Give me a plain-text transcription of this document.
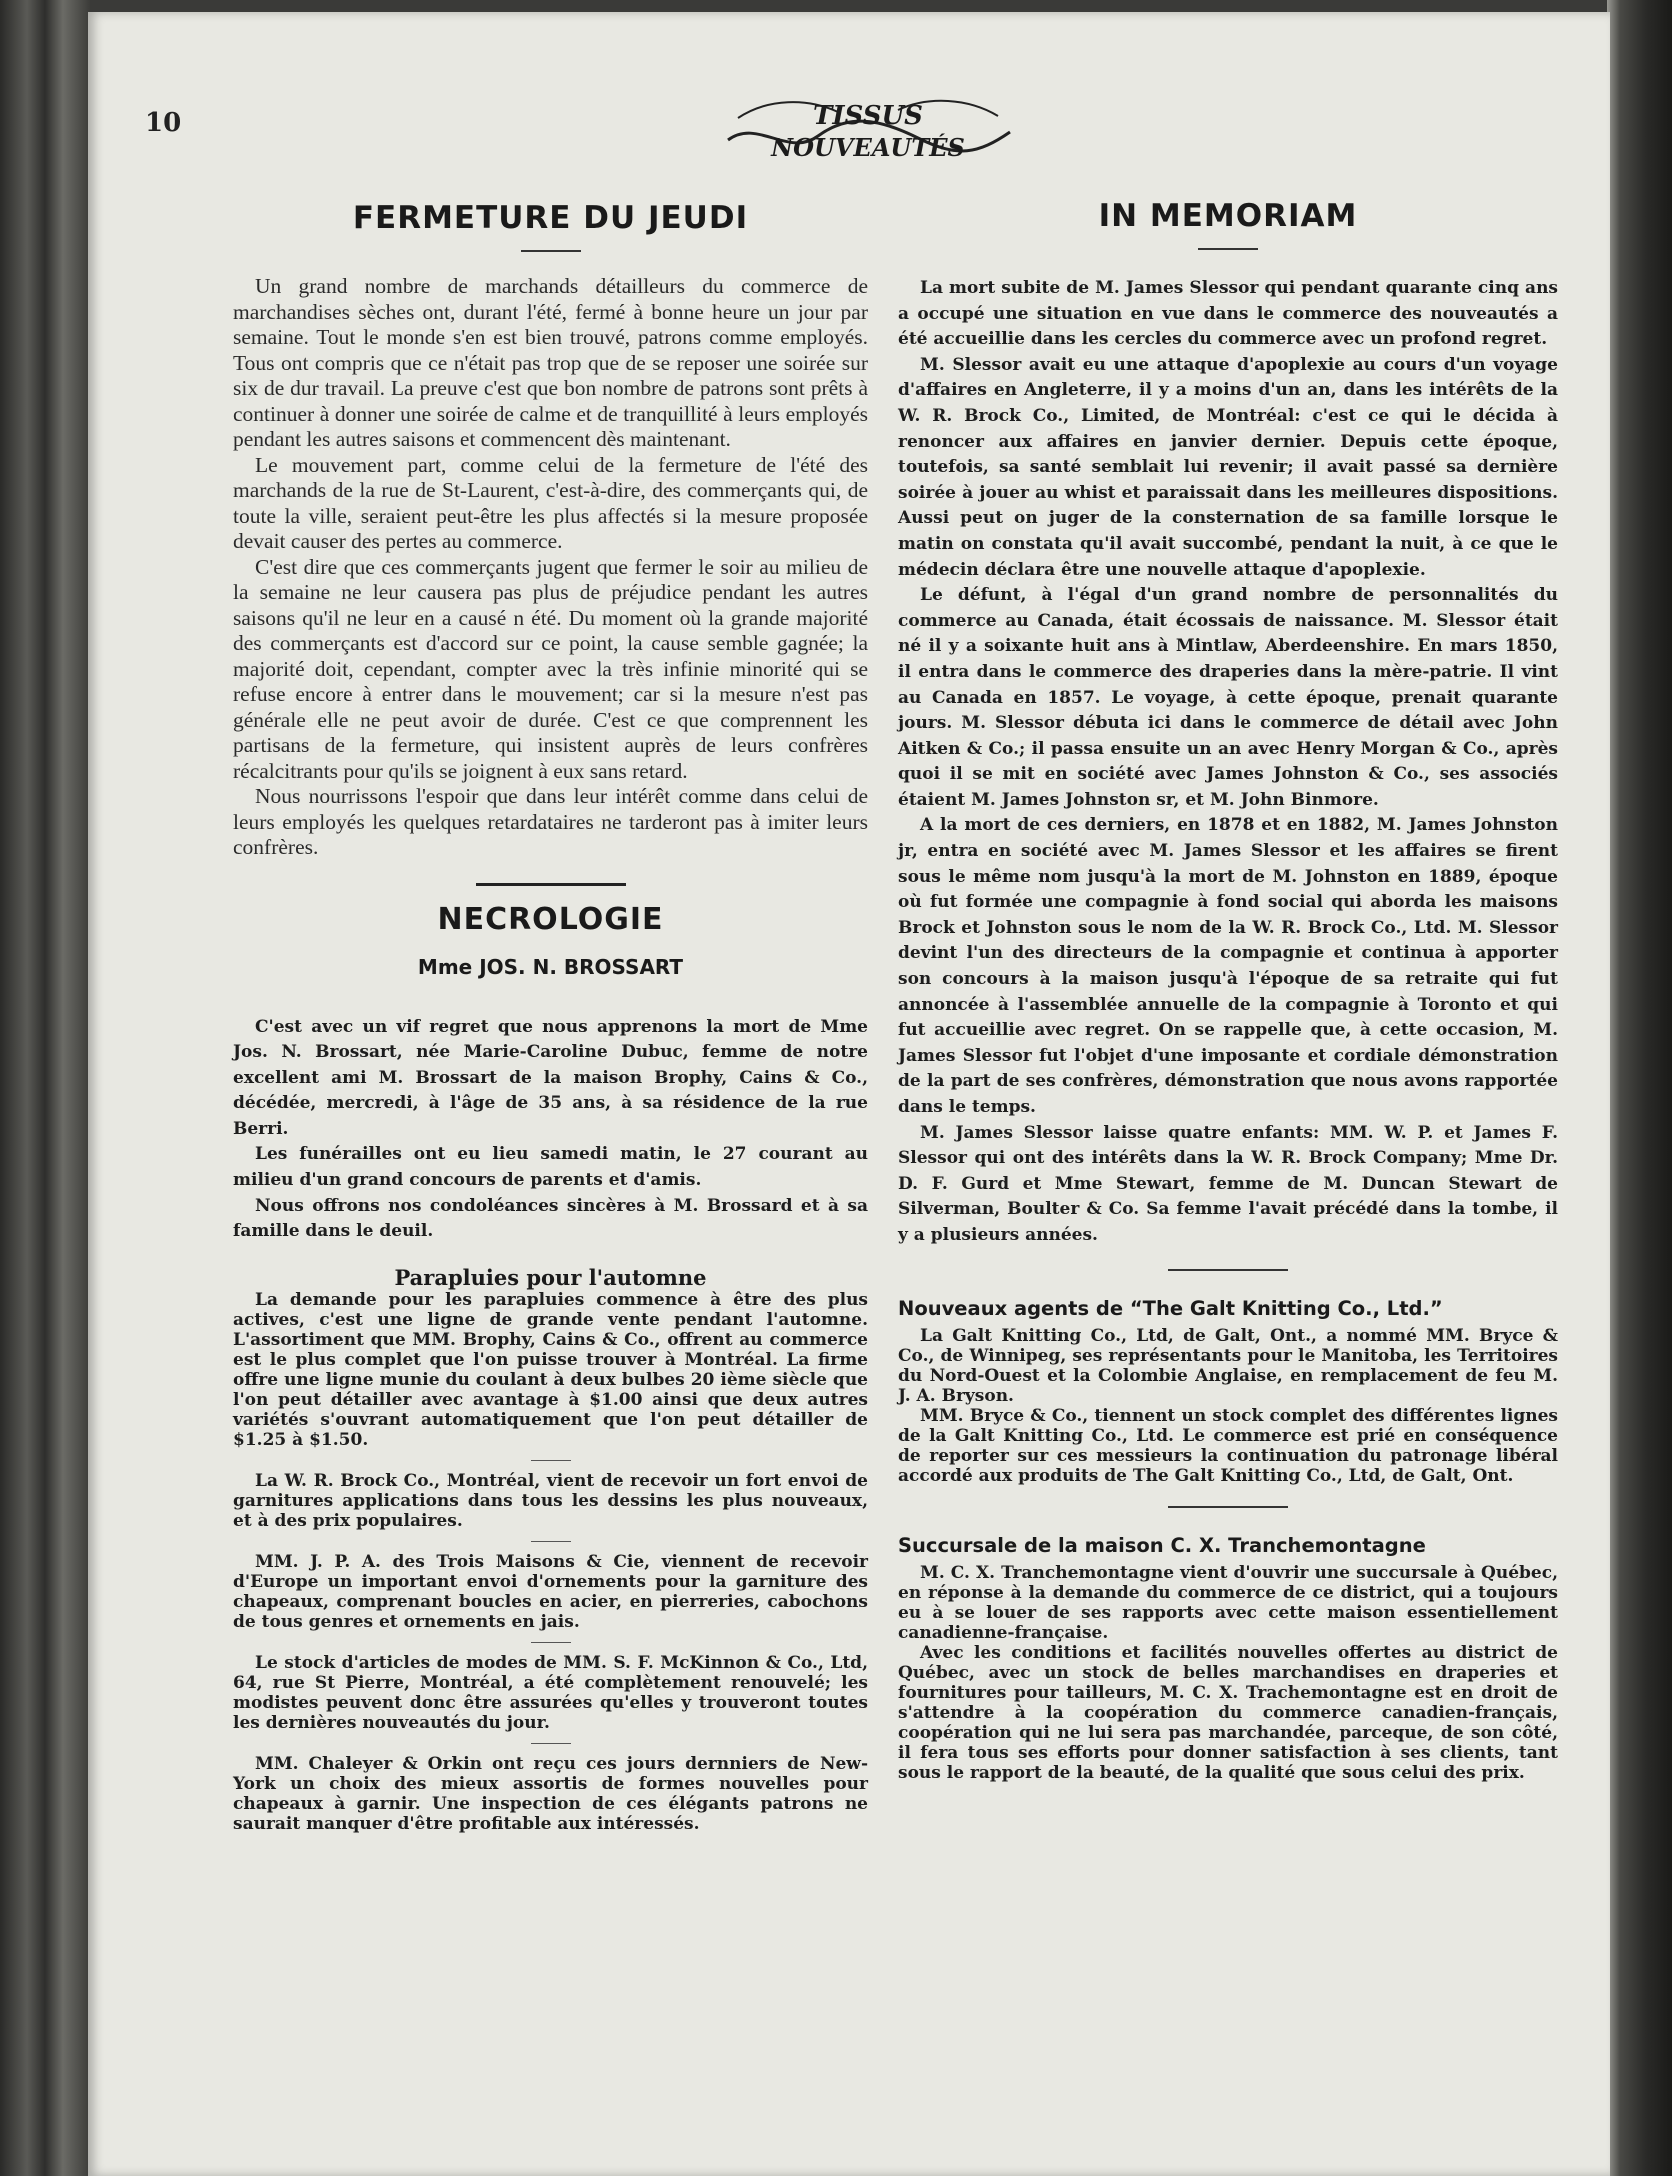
10	TISSUS
NOUVEAUTÉS
FERMETURE DU JEUDI

Un grand nombre de marchands détailleurs du commerce de marchandises sèches ont, durant l'été, fermé à bonne heure un jour par semaine. Tout le monde s'en est bien trouvé, patrons comme employés. Tous ont compris que ce n'était pas trop que de se reposer une soirée sur six de dur travail. La preuve c'est que bon nombre de patrons sont prêts à continuer à donner une soirée de calme et de tranquillité à leurs employés pendant les autres saisons et commencent dès maintenant.

Le mouvement part, comme celui de la fermeture de l'été des marchands de la rue de St-Laurent, c'est-à-dire, des commerçants qui, de toute la ville, seraient peut-être les plus affectés si la mesure proposée devait causer des pertes au commerce.

C'est dire que ces commerçants jugent que fermer le soir au milieu de la semaine ne leur causera pas plus de préjudice pendant les autres saisons qu'il ne leur en a causé n été. Du moment où la grande majorité des commerçants est d'accord sur ce point, la cause semble gagnée; la majorité doit, cependant, compter avec la très infinie minorité qui se refuse encore à entrer dans le mouvement; car si la mesure n'est pas générale elle ne peut avoir de durée. C'est ce que comprennent les partisans de la fermeture, qui insistent auprès de leurs confrères récalcitrants pour qu'ils se joignent à eux sans retard.

Nous nourrissons l'espoir que dans leur intérêt comme dans celui de leurs employés les quelques retardataires ne tarderont pas à imiter leurs confrères.

NECROLOGIE
Mme JOS. N. BROSSART

C'est avec un vif regret que nous apprenons la mort de Mme Jos. N. Brossart, née Marie-Caroline Dubuc, femme de notre excellent ami M. Brossart de la maison Brophy, Cains & Co., décédée, mercredi, à l'âge de 35 ans, à sa résidence de la rue Berri.

Les funérailles ont eu lieu samedi matin, le 27 courant au milieu d'un grand concours de parents et d'amis.

Nous offrons nos condoléances sincères à M. Brossard et à sa famille dans le deuil.

Parapluies pour l'automne

La demande pour les parapluies commence à être des plus actives, c'est une ligne de grande vente pendant l'automne. L'assortiment que MM. Brophy, Cains & Co., offrent au commerce est le plus complet que l'on puisse trouver à Montréal. La firme offre une ligne munie du coulant à deux bulbes 20 ième siècle que l'on peut détailler avec avantage à $1.00 ainsi que deux autres variétés s'ouvrant automatiquement que l'on peut détailler de $1.25 à $1.50.

La W. R. Brock Co., Montréal, vient de recevoir un fort envoi de garnitures applications dans tous les dessins les plus nouveaux, et à des prix populaires.

MM. J. P. A. des Trois Maisons & Cie, viennent de recevoir d'Europe un important envoi d'ornements pour la garniture des chapeaux, comprenant boucles en acier, en pierreries, cabochons de tous genres et ornements en jais.

Le stock d'articles de modes de MM. S. F. McKinnon & Co., Ltd, 64, rue St Pierre, Montréal, a été complètement renouvelé; les modistes peuvent donc être assurées qu'elles y trouveront toutes les dernières nouveautés du jour.

MM. Chaleyer & Orkin ont reçu ces jours dernniers de New-York un choix des mieux assortis de formes nouvelles pour chapeaux à garnir. Une inspection de ces élégants patrons ne saurait manquer d'être profitable aux intéressés.

IN MEMORIAM

La mort subite de M. James Slessor qui pendant quarante cinq ans a occupé une situation en vue dans le commerce des nouveautés a été accueillie dans les cercles du commerce avec un profond regret.

M. Slessor avait eu une attaque d'apoplexie au cours d'un voyage d'affaires en Angleterre, il y a moins d'un an, dans les intérêts de la W. R. Brock Co., Limited, de Montréal: c'est ce qui le décida à renoncer aux affaires en janvier dernier. Depuis cette époque, toutefois, sa santé semblait lui revenir; il avait passé sa dernière soirée à jouer au whist et paraissait dans les meilleures dispositions. Aussi peut on juger de la consternation de sa famille lorsque le matin on constata qu'il avait succombé, pendant la nuit, à ce que le médecin déclara être une nouvelle attaque d'apoplexie.

Le défunt, à l'égal d'un grand nombre de personnalités du commerce au Canada, était écossais de naissance. M. Slessor était né il y a soixante huit ans à Mintlaw, Aberdeenshire. En mars 1850, il entra dans le commerce des draperies dans la mère-patrie. Il vint au Canada en 1857. Le voyage, à cette époque, prenait quarante jours. M. Slessor débuta ici dans le commerce de détail avec John Aitken & Co.; il passa ensuite un an avec Henry Morgan & Co., après quoi il se mit en société avec James Johnston & Co., ses associés étaient M. James Johnston sr, et M. John Binmore.

A la mort de ces derniers, en 1878 et en 1882, M. James Johnston jr, entra en société avec M. James Slessor et les affaires se firent sous le même nom jusqu'à la mort de M. Johnston en 1889, époque où fut formée une compagnie à fond social qui aborda les maisons Brock et Johnston sous le nom de la W. R. Brock Co., Ltd. M. Slessor devint l'un des directeurs de la compagnie et continua à apporter son concours à la maison jusqu'à l'époque de sa retraite qui fut annoncée à l'assemblée annuelle de la compagnie à Toronto et qui fut accueillie avec regret. On se rappelle que, à cette occasion, M. James Slessor fut l'objet d'une imposante et cordiale démonstration de la part de ses confrères, démonstration que nous avons rapportée dans le temps.

M. James Slessor laisse quatre enfants: MM. W. P. et James F. Slessor qui ont des intérêts dans la W. R. Brock Company; Mme Dr. D. F. Gurd et Mme Stewart, femme de M. Duncan Stewart de Silverman, Boulter & Co. Sa femme l'avait précédé dans la tombe, il y a plusieurs années.

Nouveaux agents de “The Galt Knitting Co., Ltd.”

La Galt Knitting Co., Ltd, de Galt, Ont., a nommé MM. Bryce & Co., de Winnipeg, ses représentants pour le Manitoba, les Territoires du Nord-Ouest et la Colombie Anglaise, en remplacement de feu M. J. A. Bryson.

MM. Bryce & Co., tiennent un stock complet des différentes lignes de la Galt Knitting Co., Ltd. Le commerce est prié en conséquence de reporter sur ces messieurs la continuation du patronage libéral accordé aux produits de The Galt Knitting Co., Ltd, de Galt, Ont.

Succursale de la maison C. X. Tranchemontagne

M. C. X. Tranchemontagne vient d'ouvrir une succursale à Québec, en réponse à la demande du commerce de ce district, qui a toujours eu à se louer de ses rapports avec cette maison essentiellement canadienne-française.

Avec les conditions et facilités nouvelles offertes au district de Québec, avec un stock de belles marchandises en draperies et fournitures pour tailleurs, M. C. X. Trachemontagne est en droit de s'attendre à la coopération du commerce canadien-français, coopération qui ne lui sera pas marchandée, parceque, de son côté, il fera tous ses efforts pour donner satisfaction à ses clients, tant sous le rapport de la beauté, de la qualité que sous celui des prix.
